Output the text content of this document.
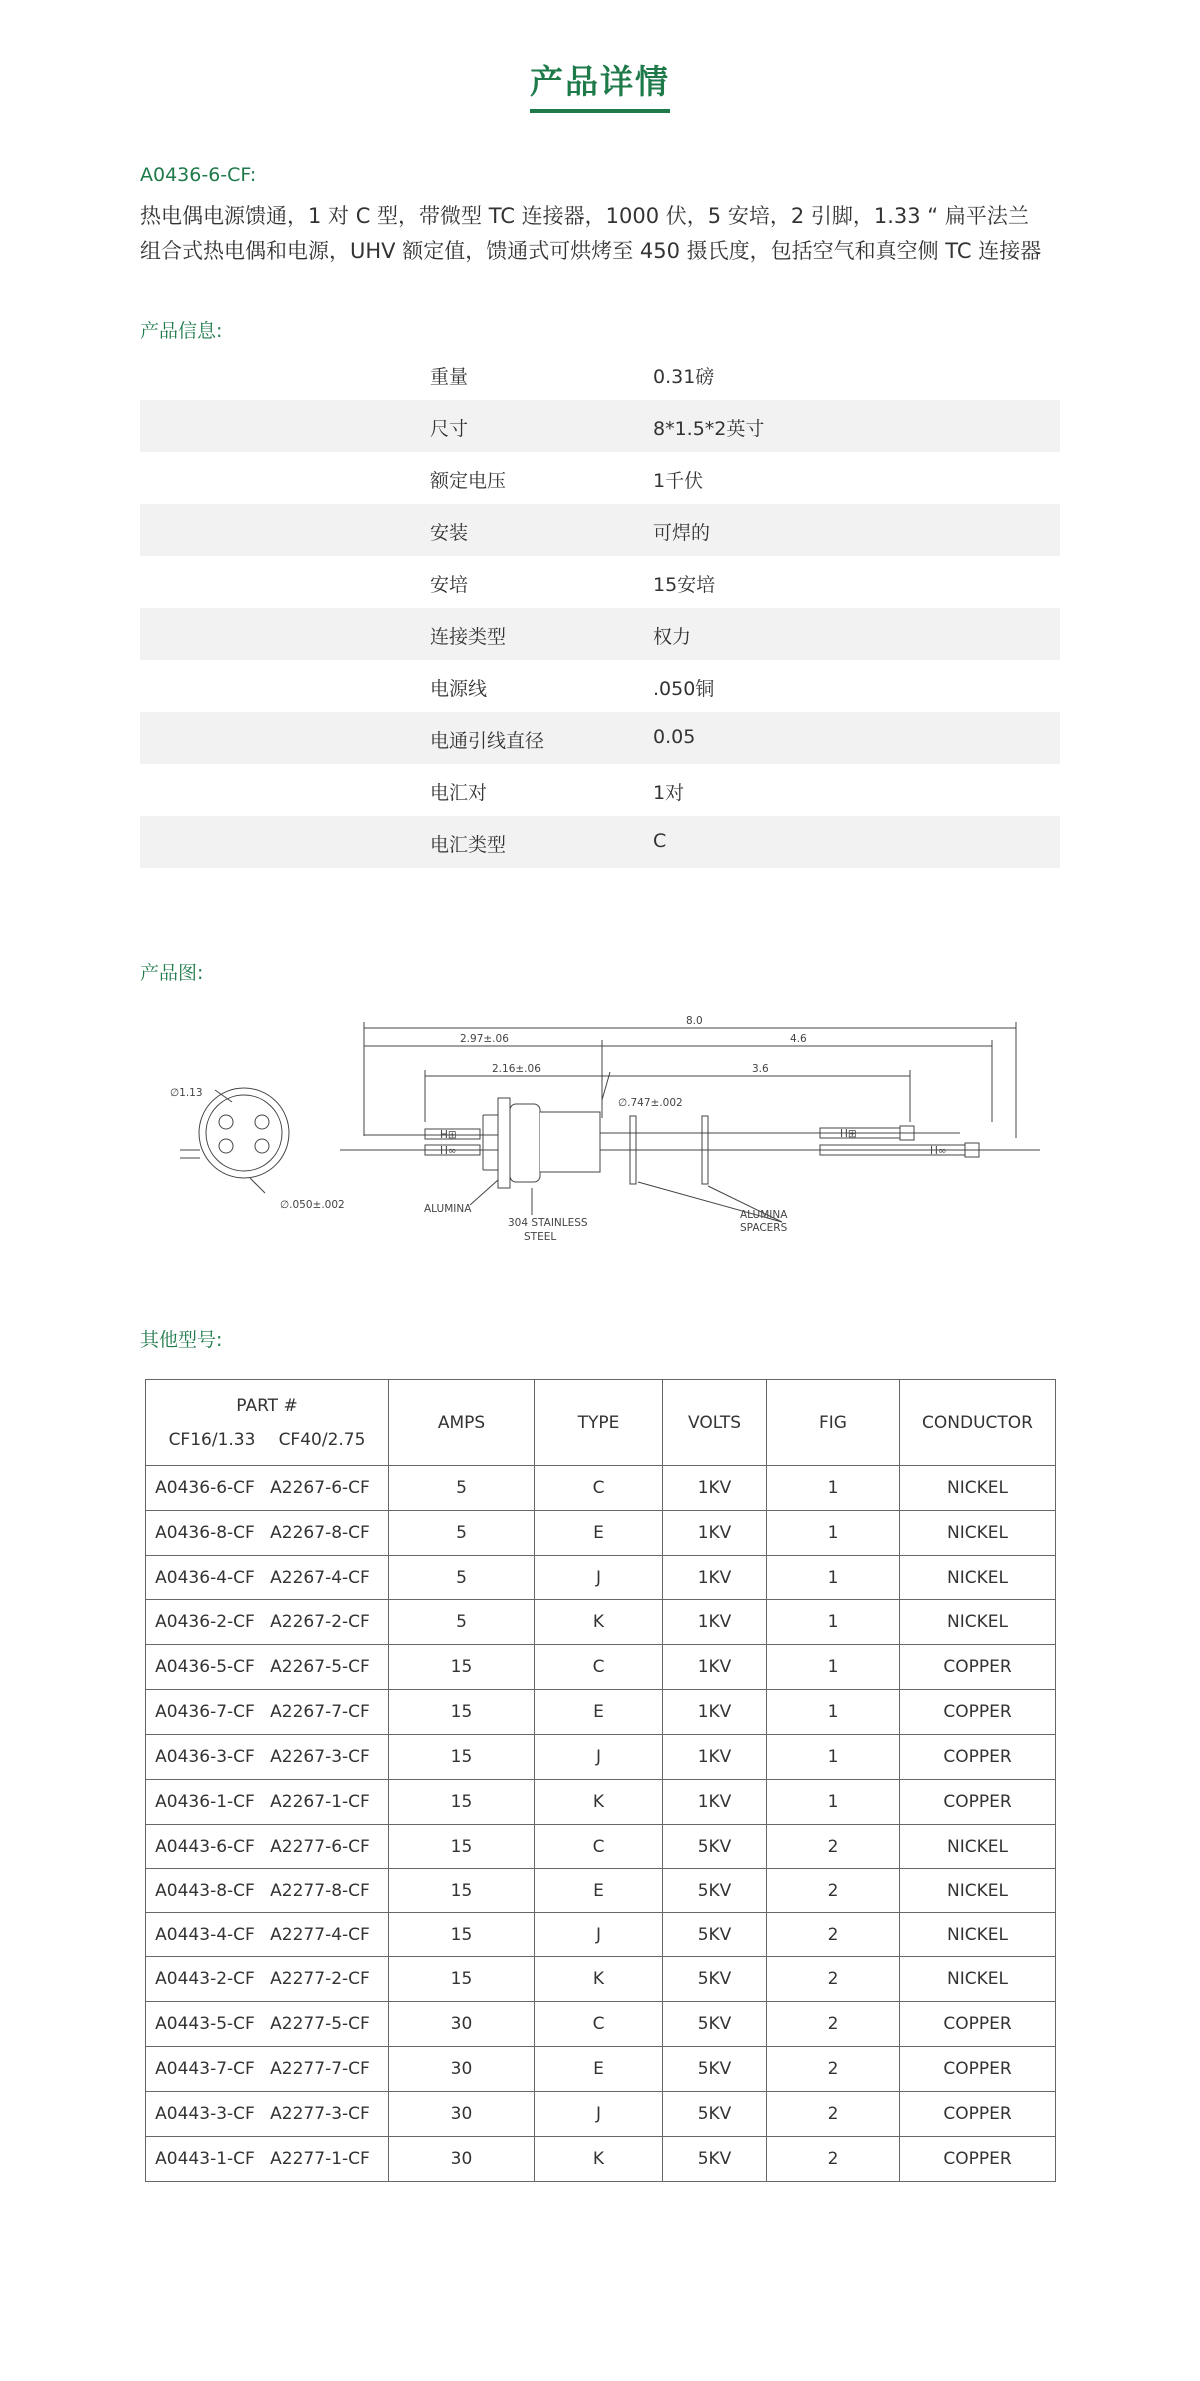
产品详情
A0436-6-CF:
热电偶电源馈通，1 对 C 型，带微型 TC 连接器，1000 伏，5 安培，2 引脚，1.33 “ 扁平法兰
组合式热电偶和电源，UHV 额定值，馈通式可烘烤至 450 摄氏度，包括空气和真空侧 TC 连接器
产品信息:
重量	0.31磅
尺寸	8*1.5*2英寸
额定电压	1千伏
安装	可焊的
安培	15安培
连接类型	权力
电源线	.050铜
电通引线直径	0.05
电汇对	1对
电汇类型	C
产品图:
8.0
2.97±.06	4.6
2.16±.06	3.6
∅1.13
∅.747±.002
∅.050±.002	ALUMINA
304 STAINLESS
STEEL
ALUMINA
SPACERS
H⊞
H∞
H⊞
H∞
其他型号:
PART #
CF16/1.33 CF40/2.75	AMPS	TYPE	VOLTS	FIG	CONDUCTOR
A0436-6-CF A2267-6-CF	5	C	1KV	1	NICKEL
A0436-8-CF A2267-8-CF	5	E	1KV	1	NICKEL
A0436-4-CF A2267-4-CF	5	J	1KV	1	NICKEL
A0436-2-CF A2267-2-CF	5	K	1KV	1	NICKEL
A0436-5-CF A2267-5-CF	15	C	1KV	1	COPPER
A0436-7-CF A2267-7-CF	15	E	1KV	1	COPPER
A0436-3-CF A2267-3-CF	15	J	1KV	1	COPPER
A0436-1-CF A2267-1-CF	15	K	1KV	1	COPPER
A0443-6-CF A2277-6-CF	15	C	5KV	2	NICKEL
A0443-8-CF A2277-8-CF	15	E	5KV	2	NICKEL
A0443-4-CF A2277-4-CF	15	J	5KV	2	NICKEL
A0443-2-CF A2277-2-CF	15	K	5KV	2	NICKEL
A0443-5-CF A2277-5-CF	30	C	5KV	2	COPPER
A0443-7-CF A2277-7-CF	30	E	5KV	2	COPPER
A0443-3-CF A2277-3-CF	30	J	5KV	2	COPPER
A0443-1-CF A2277-1-CF	30	K	5KV	2	COPPER
